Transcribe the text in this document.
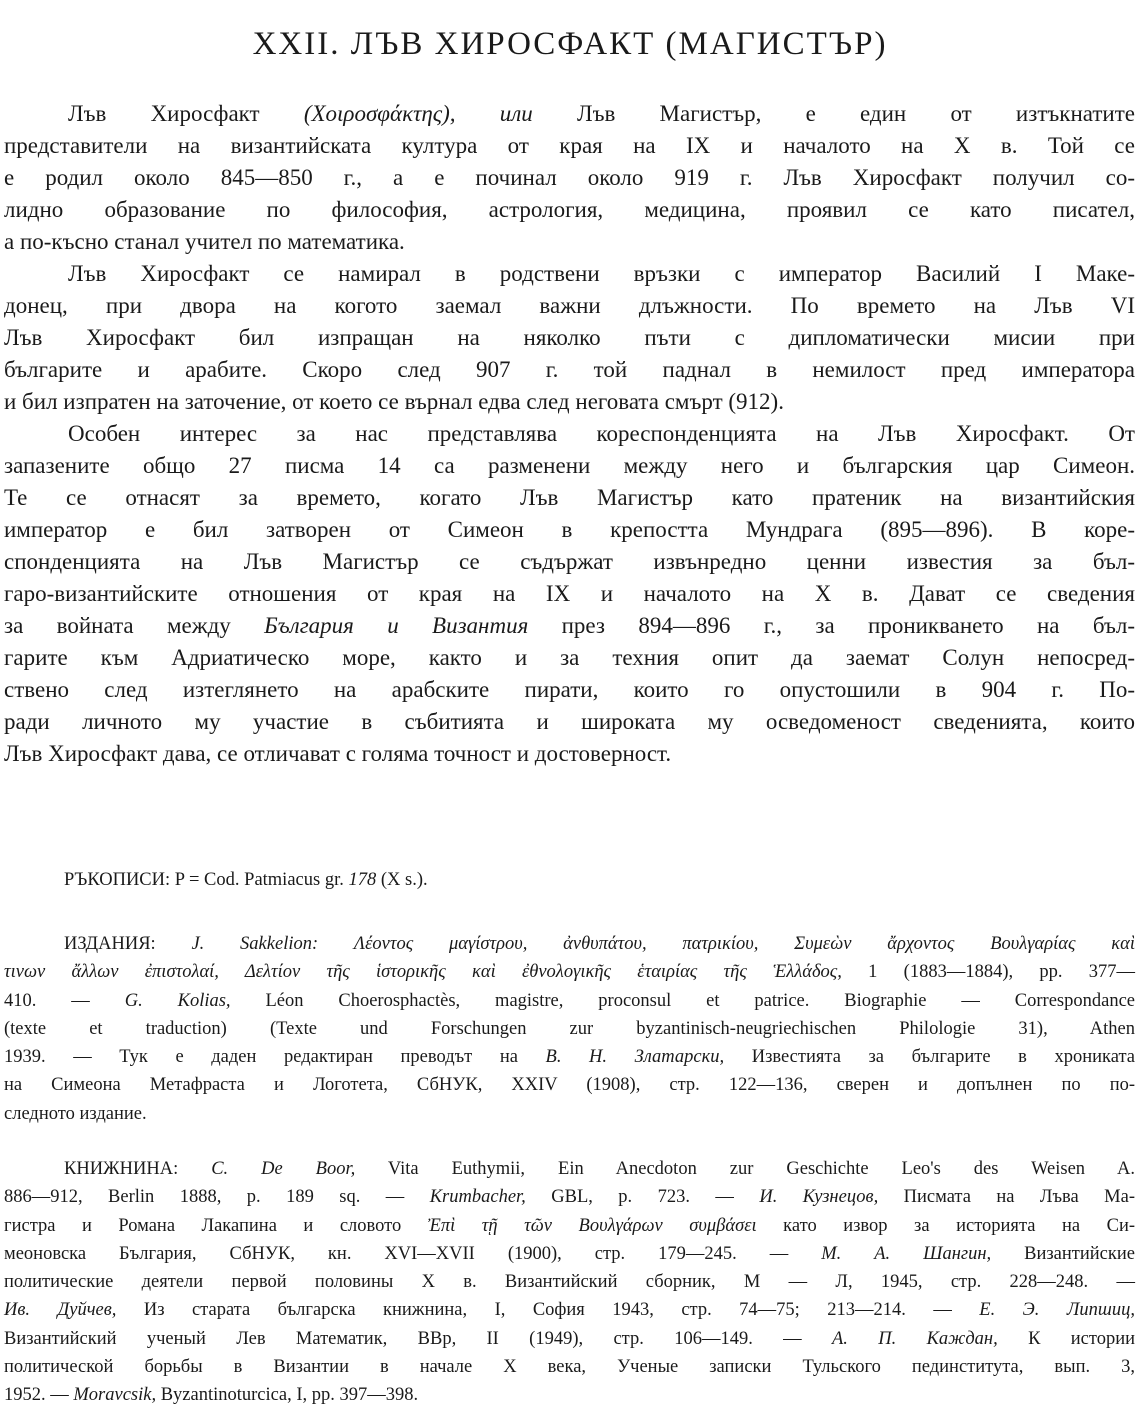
XXII. ЛЪВ ХИРОСФАКТ (МАГИСТЪР)
Лъв Хиросфакт (Χοιροσφάκτης), или Лъв Магистър, е един от изтъкнатите
представители на византийската култура от края на IX и началото на X в. Той се
е родил около 845—850 г., а е починал около 919 г. Лъв Хиросфакт получил со-
лидно образование по философия, астрология, медицина, проявил се като писател,
а по-късно станал учител по математика.
Лъв Хиросфакт се намирал в родствени връзки с император Василий I Маке-
донец, при двора на когото заемал важни длъжности. По времето на Лъв VI
Лъв Хиросфакт бил изпращан на няколко пъти с дипломатически мисии при
българите и арабите. Скоро след 907 г. той паднал в немилост пред императора
и бил изпратен на заточение, от което се върнал едва след неговата смърт (912).
Особен интерес за нас представлява кореспонденцията на Лъв Хиросфакт. От
запазените общо 27 писма 14 са разменени между него и българския цар Симеон.
Те се отнасят за времето, когато Лъв Магистър като пратеник на византийския
император е бил затворен от Симеон в крепостта Мундрага (895—896). В коре-
спонденцията на Лъв Магистър се съдържат извънредно ценни известия за бъл-
гаро-византийските отношения от края на IX и началото на X в. Дават се сведения
за войната между България и Византия през 894—896 г., за проникването на бъл-
гарите към Адриатическо море, както и за техния опит да заемат Солун непосред-
ствено след изтеглянето на арабските пирати, които го опустошили в 904 г. По-
ради личното му участие в събитията и широката му осведоменост сведенията, които
Лъв Хиросфакт дава, се отличават с голяма точност и достоверност.
РЪКОПИСИ: P = Cod. Patmiacus gr. 178 (X s.).
ИЗДАНИЯ: J. Sakkelion: Λέοντος μαγίστρου, ἀνθυπάτου, πατρικίου, Συμεὼν ἄρχοντος Βουλγαρίας καὶ
τινων ἄλλων ἐπιστολαί, Δελτίον τῆς ἱστορικῆς καὶ ἐθνολογικῆς ἑταιρίας τῆς Ἑλλάδος, 1 (1883—1884), pp. 377—
410. — G. Kolias, Léon Choerosphactès, magistre, proconsul et patrice. Biographie — Correspondance
(texte et traduction) (Texte und Forschungen zur byzantinisch-neugriechischen Philologie 31), Athen
1939. — Тук е даден редактиран преводът на В. Н. Златарски, Известията за българите в хрониката
на Симеона Метафраста и Логотета, СбНУК, XXIV (1908), стр. 122—136, сверен и допълнен по по-
следното издание.
КНИЖНИНА: C. De Boor, Vita Euthymii, Ein Anecdoton zur Geschichte Leo's des Weisen A.
886—912, Berlin 1888, p. 189 sq. — Krumbacher, GBL, p. 723. — И. Кузнецов, Писмата на Лъва Ма-
гистра и Романа Лакапина и словото Ἐπὶ τῇ τῶν Βουλγάρων συμβάσει като извор за историята на Си-
меоновска България, СбНУК, кн. XVI—XVII (1900), стр. 179—245. — М. А. Шангин, Византийские
политические деятели первой половины X в. Византийский сборник, М — Л, 1945, стр. 228—248. —
Ив. Дуйчев, Из старата българска книжнина, I, София 1943, стр. 74—75; 213—214. — Е. Э. Липшиц,
Византийский ученый Лев Математик, ВВр, II (1949), стр. 106—149. — А. П. Каждан, К истории
политической борьбы в Византии в начале X века, Ученые записки Тульского пединститута, вып. 3,
1952. — Moravcsik, Byzantinoturcica, I, pp. 397—398.
